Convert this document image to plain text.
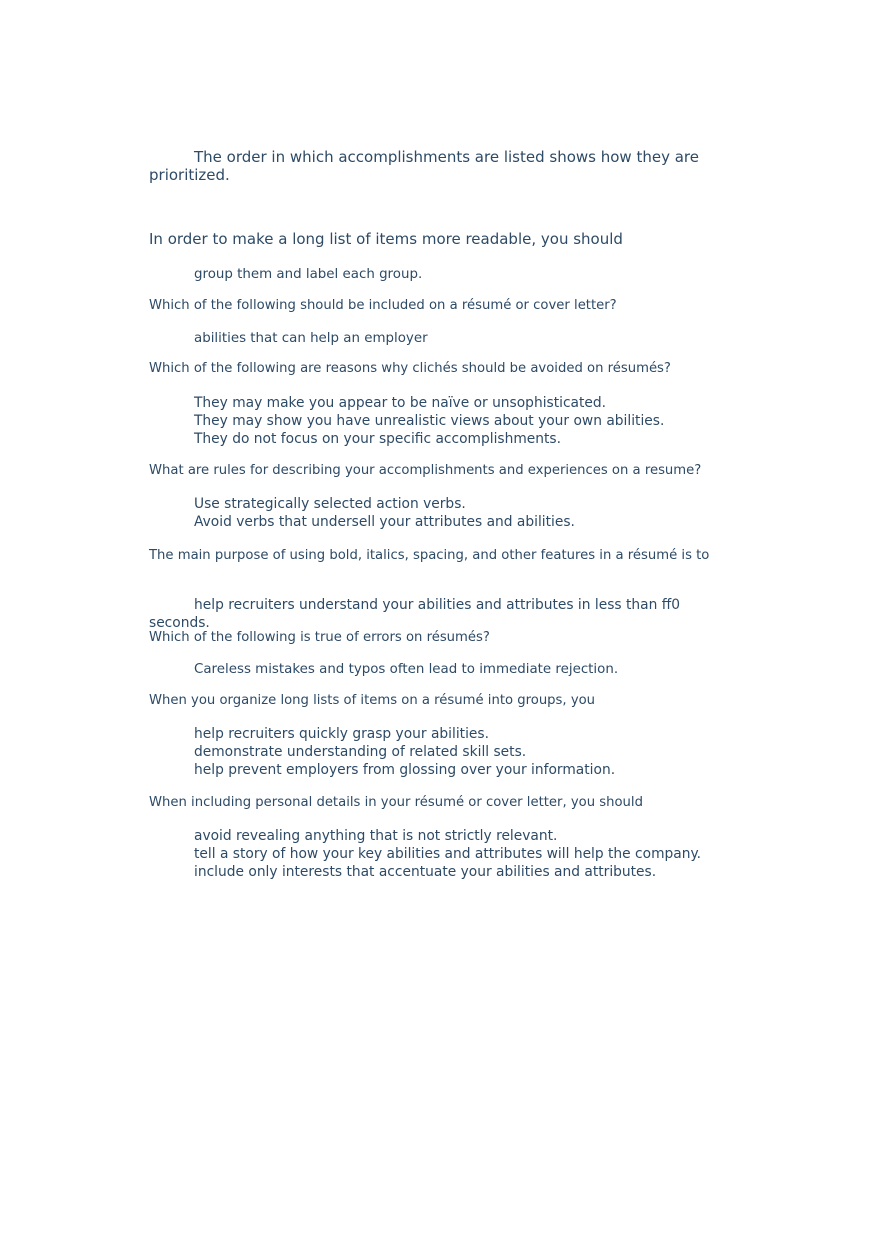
The order in which accomplishments are listed shows how they are prioritized.

In order to make a long list of items more readable, you should

group them and label each group.

Which of the following should be included on a résumé or cover letter?

abilities that can help an employer

Which of the following are reasons why clichés should be avoided on résumés?

They may make you appear to be naïve or unsophisticated.
They may show you have unrealistic views about your own abilities.
They do not focus on your specific accomplishments.

What are rules for describing your accomplishments and experiences on a resume?

Use strategically selected action verbs.
Avoid verbs that undersell your attributes and abilities.

The main purpose of using bold, italics, spacing, and other features in a résumé is to

help recruiters understand your abilities and attributes in less than ff0 seconds.

Which of the following is true of errors on résumés?

Careless mistakes and typos often lead to immediate rejection.

When you organize long lists of items on a résumé into groups, you

help recruiters quickly grasp your abilities.
demonstrate understanding of related skill sets.
help prevent employers from glossing over your information.

When including personal details in your résumé or cover letter, you should

avoid revealing anything that is not strictly relevant.
tell a story of how your key abilities and attributes will help the company.
include only interests that accentuate your abilities and attributes.
